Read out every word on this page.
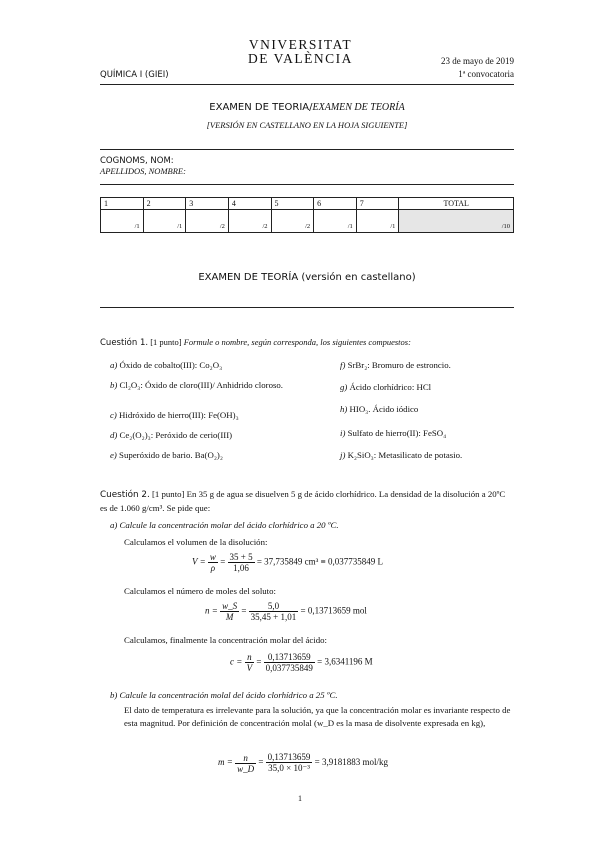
QUÍMICA I (GIEI)
VNIVERSITAT
DE VALÈNCIA	23 de mayo de 2019
1ª convocatoria
EXAMEN DE TEORIA/EXAMEN DE TEORÍA
[VERSIÓN EN CASTELLANO EN LA HOJA SIGUIENTE]
COGNOMS, NOM:
APELLIDOS, NOMBRE:
1	2	3	4	5	6	7	TOTAL
/1	/1	/2	/2	/2	/1	/1	/10
EXAMEN DE TEORÍA (versión en castellano)
Cuestión 1. [1 punto] Formule o nombre, según corresponda, los siguientes compuestos:
a) Óxido de cobalto(III): Co₂O₃
b) Cl₂O₃: Óxido de cloro(III)/ Anhidrido cloroso.
c) Hidróxido de hierro(III): Fe(OH)₃
d) Ce₂(O₂)₃: Peróxido de cerio(III)
e) Superóxido de bario. Ba(O₂)₂
f) SrBr₂: Bromuro de estroncio.
g) Ácido clorhídrico: HCl
h) HIO₃. Ácido iódico
i) Sulfato de hierro(II): FeSO₄
j) K₂SiO₃: Metasilicato de potasio.
Cuestión 2. [1 punto] En 35 g de agua se disuelven 5 g de ácido clorhídrico. La densidad de la disolución a 20ºC es de 1.060 g/cm³. Se pide que:
a) Calcule la concentración molar del ácido clorhídrico a 20 ºC.
Calculamos el volumen de la disolución:
$V = \frac{w}{\rho} = \frac{35 + 5}{1,06} = 37,735849$ cm³ ≡ 0,037735849 L
Calculamos el número de moles del soluto:
$n = \frac{w\_S}{M} = \frac{5,0}{35,45 + 1,01} = 0,13713659$ mol
Calculamos, finalmente la concentración molar del ácido:
$c = \frac{n}{V} = \frac{0,13713659}{0,037735849} = 3,6341196$ M
b) Calcule la concentración molal del ácido clorhídrico a 25 ºC.
El dato de temperatura es irrelevante para la solución, ya que la concentración molar es invariante respecto de esta magnitud. Por definición de concentración molal (w_D es la masa de disolvente expresada en kg),
$m = \frac{n}{w\_D} = \frac{0,13713659}{\text{35,0 × 10⁻³}} = 3,9181883$ mol/kg
1
